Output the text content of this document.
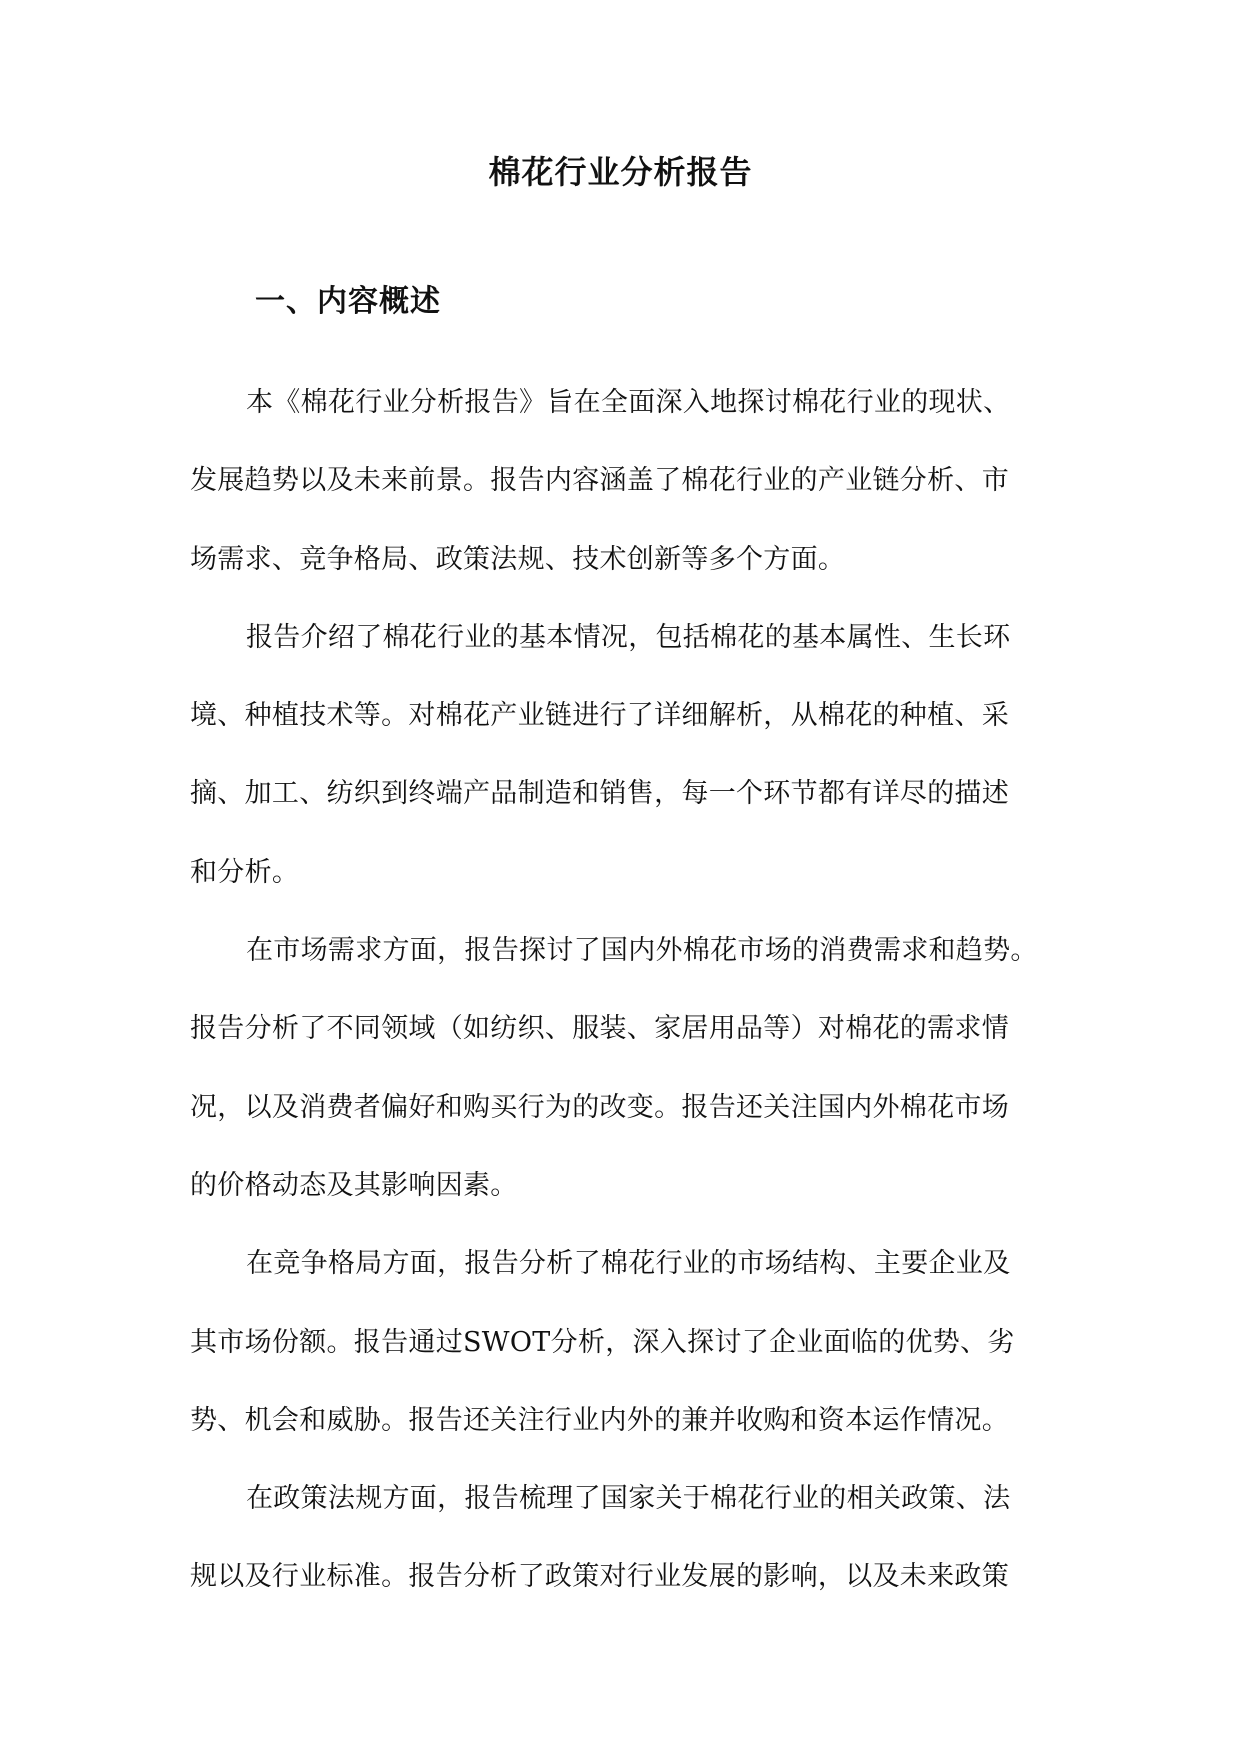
棉花行业分析报告
一、内容概述

本《棉花行业分析报告》旨在全面深入地探讨棉花行业的现状、
发展趋势以及未来前景。报告内容涵盖了棉花行业的产业链分析、市
场需求、竞争格局、政策法规、技术创新等多个方面。

报告介绍了棉花行业的基本情况，包括棉花的基本属性、生长环
境、种植技术等。对棉花产业链进行了详细解析，从棉花的种植、采
摘、加工、纺织到终端产品制造和销售，每一个环节都有详尽的描述
和分析。

在市场需求方面，报告探讨了国内外棉花市场的消费需求和趋势。
报告分析了不同领域（如纺织、服装、家居用品等）对棉花的需求情
况，以及消费者偏好和购买行为的改变。报告还关注国内外棉花市场
的价格动态及其影响因素。

在竞争格局方面，报告分析了棉花行业的市场结构、主要企业及
其市场份额。报告通过SWOT分析，深入探讨了企业面临的优势、劣
势、机会和威胁。报告还关注行业内外的兼并收购和资本运作情况。

在政策法规方面，报告梳理了国家关于棉花行业的相关政策、法
规以及行业标准。报告分析了政策对行业发展的影响，以及未来政策
